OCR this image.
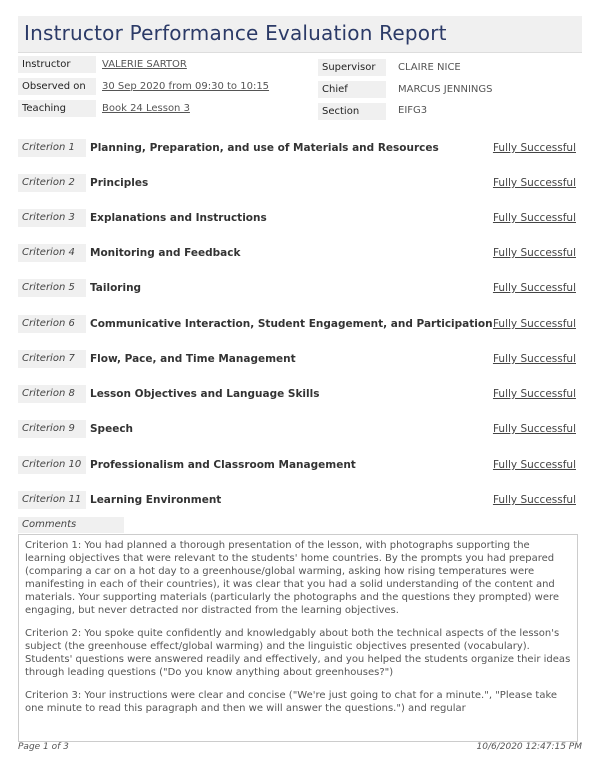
Instructor Performance Evaluation Report
Instructor	VALERIE SARTOR	Supervisor	CLAIRE NICE
Observed on	30 Sep 2020 from 09:30 to 10:15	Chief	MARCUS JENNINGS
Teaching	Book 24 Lesson 3	Section	EIFG3
Criterion 1	Planning, Preparation, and use of Materials and Resources	Fully Successful
Criterion 2	Principles	Fully Successful
Criterion 3	Explanations and Instructions	Fully Successful
Criterion 4	Monitoring and Feedback	Fully Successful
Criterion 5	Tailoring	Fully Successful
Criterion 6	Communicative Interaction, Student Engagement, and Participation Fully Successful
Criterion 7	Flow, Pace, and Time Management	Fully Successful
Criterion 8	Lesson Objectives and Language Skills	Fully Successful
Criterion 9	Speech	Fully Successful
Criterion 10 Professionalism and Classroom Management	Fully Successful
Criterion 11 Learning Environment	Fully Successful
Comments

Criterion 1: You had planned a thorough presentation of the lesson, with photographs supporting the learning objectives that were relevant to the students' home countries. By the prompts you had prepared (comparing a car on a hot day to a greenhouse/global warming, asking how rising temperatures were manifesting in each of their countries), it was clear that you had a solid understanding of the content and materials. Your supporting materials (particularly the photographs and the questions they prompted) were engaging, but never detracted nor distracted from the learning objectives.

Criterion 2: You spoke quite confidently and knowledgably about both the technical aspects of the lesson's subject (the greenhouse effect/global warming) and the linguistic objectives presented (vocabulary). Students' questions were answered readily and effectively, and you helped the students organize their ideas through leading questions ("Do you know anything about greenhouses?")

Criterion 3: Your instructions were clear and concise ("We're just going to chat for a minute.", "Please take one minute to read this paragraph and then we will answer the questions.") and regular

Page 1 of 3	10/6/2020 12:47:15 PM
